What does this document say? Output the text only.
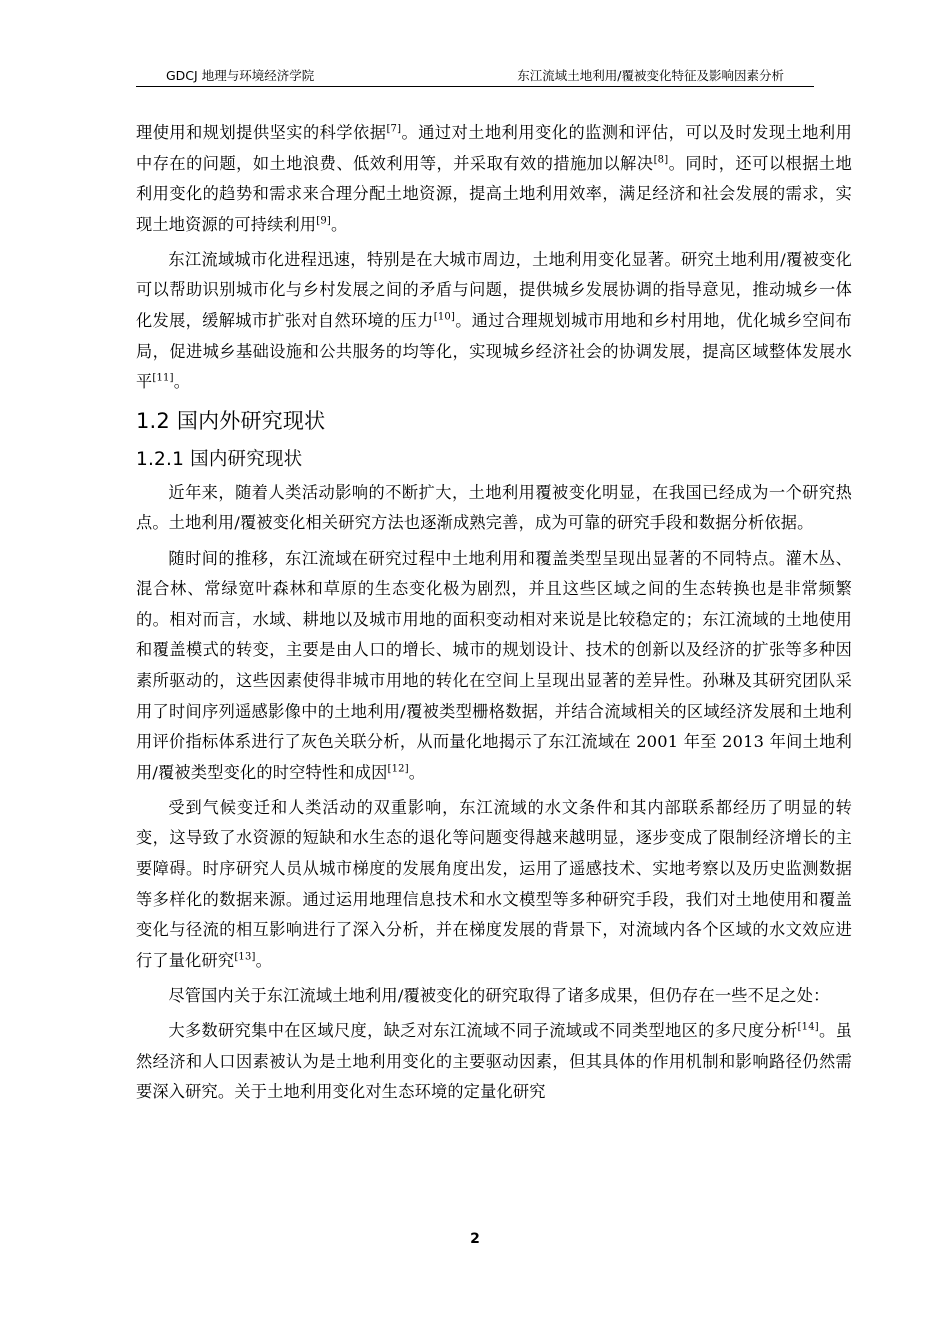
GDCJ 地理与环境经济学院	东江流域土地利用/覆被变化特征及影响因素分析

理使用和规划提供坚实的科学依据[7]。通过对土地利用变化的监测和评估，可以及时发现土地利用中存在的问题，如土地浪费、低效利用等，并采取有效的措施加以解决[8]。同时，还可以根据土地利用变化的趋势和需求来合理分配土地资源，提高土地利用效率，满足经济和社会发展的需求，实现土地资源的可持续利用[9]。

东江流域城市化进程迅速，特别是在大城市周边，土地利用变化显著。研究土地利用/覆被变化可以帮助识别城市化与乡村发展之间的矛盾与问题，提供城乡发展协调的指导意见，推动城乡一体化发展，缓解城市扩张对自然环境的压力[10]。通过合理规划城市用地和乡村用地，优化城乡空间布局，促进城乡基础设施和公共服务的均等化，实现城乡经济社会的协调发展，提高区域整体发展水平[11]。

1.2 国内外研究现状
1.2.1 国内研究现状

近年来，随着人类活动影响的不断扩大，土地利用覆被变化明显，在我国已经成为一个研究热点。土地利用/覆被变化相关研究方法也逐渐成熟完善，成为可靠的研究手段和数据分析依据。

随时间的推移，东江流域在研究过程中土地利用和覆盖类型呈现出显著的不同特点。灌木丛、混合林、常绿宽叶森林和草原的生态变化极为剧烈，并且这些区域之间的生态转换也是非常频繁的。相对而言，水域、耕地以及城市用地的面积变动相对来说是比较稳定的；东江流域的土地使用和覆盖模式的转变，主要是由人口的增长、城市的规划设计、技术的创新以及经济的扩张等多种因素所驱动的，这些因素使得非城市用地的转化在空间上呈现出显著的差异性。孙琳及其研究团队采用了时间序列遥感影像中的土地利用/覆被类型栅格数据，并结合流域相关的区域经济发展和土地利用评价指标体系进行了灰色关联分析，从而量化地揭示了东江流域在 2001 年至 2013 年间土地利用/覆被类型变化的时空特性和成因[12]。

受到气候变迁和人类活动的双重影响，东江流域的水文条件和其内部联系都经历了明显的转变，这导致了水资源的短缺和水生态的退化等问题变得越来越明显，逐步变成了限制经济增长的主要障碍。时序研究人员从城市梯度的发展角度出发，运用了遥感技术、实地考察以及历史监测数据等多样化的数据来源。通过运用地理信息技术和水文模型等多种研究手段，我们对土地使用和覆盖变化与径流的相互影响进行了深入分析，并在梯度发展的背景下，对流域内各个区域的水文效应进行了量化研究[13]。

尽管国内关于东江流域土地利用/覆被变化的研究取得了诸多成果，但仍存在一些不足之处：

大多数研究集中在区域尺度，缺乏对东江流域不同子流域或不同类型地区的多尺度分析[14]。虽然经济和人口因素被认为是土地利用变化的主要驱动因素，但其具体的作用机制和影响路径仍然需要深入研究。关于土地利用变化对生态环境的定量化研究

2
